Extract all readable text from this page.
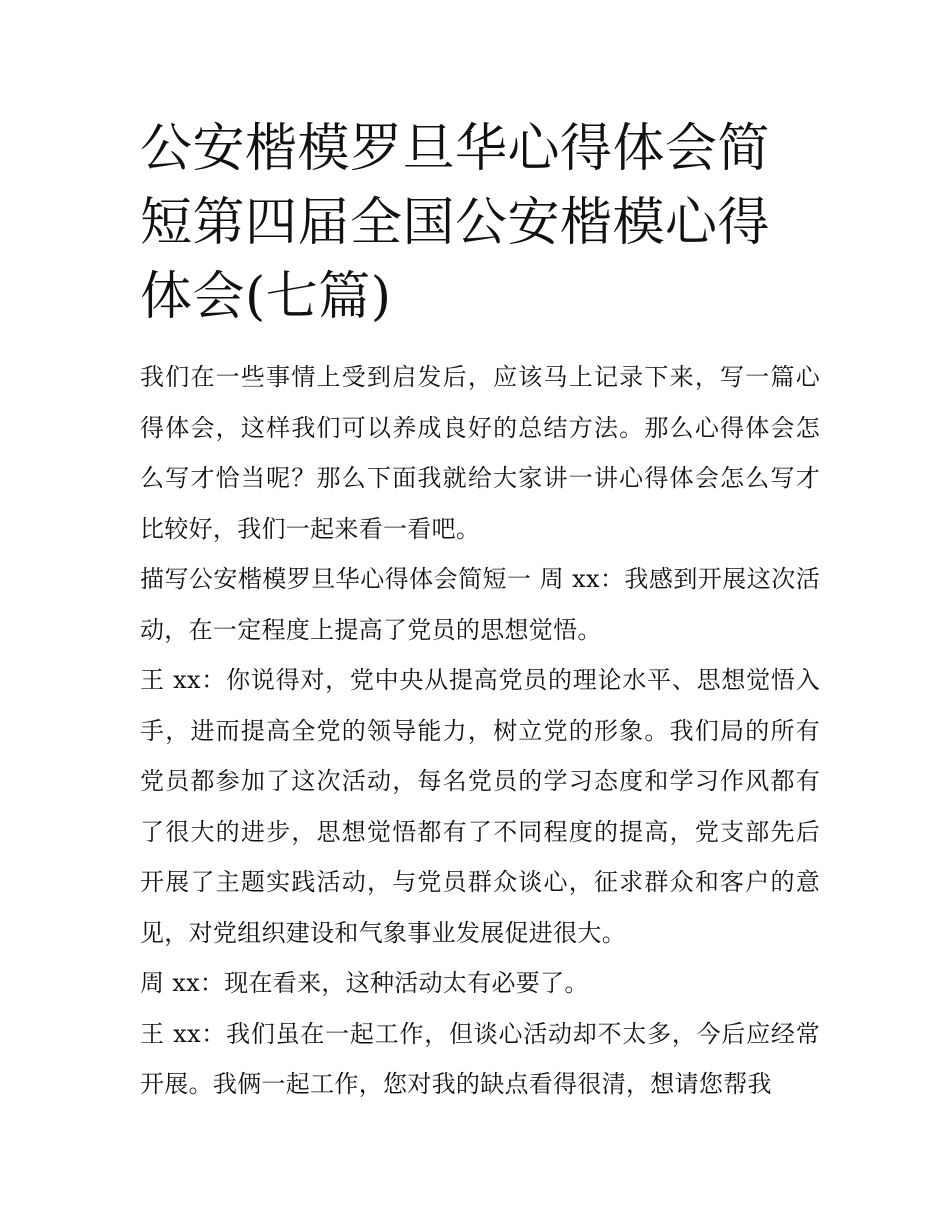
公安楷模罗旦华心得体会简短第四届全国公安楷模心得体会(七篇)

我们在一些事情上受到启发后，应该马上记录下来，写一篇心得体会，这样我们可以养成良好的总结方法。那么心得体会怎么写才恰当呢？那么下面我就给大家讲一讲心得体会怎么写才比较好，我们一起来看一看吧。

描写公安楷模罗旦华心得体会简短一 周 xx：我感到开展这次活动，在一定程度上提高了党员的思想觉悟。

王 xx：你说得对，党中央从提高党员的理论水平、思想觉悟入手，进而提高全党的领导能力，树立党的形象。我们局的所有党员都参加了这次活动，每名党员的学习态度和学习作风都有了很大的进步，思想觉悟都有了不同程度的提高，党支部先后开展了主题实践活动，与党员群众谈心，征求群众和客户的意见，对党组织建设和气象事业发展促进很大。

周 xx：现在看来，这种活动太有必要了。

王 xx：我们虽在一起工作，但谈心活动却不太多，今后应经常开展。我俩一起工作，您对我的缺点看得很清，想请您帮我
